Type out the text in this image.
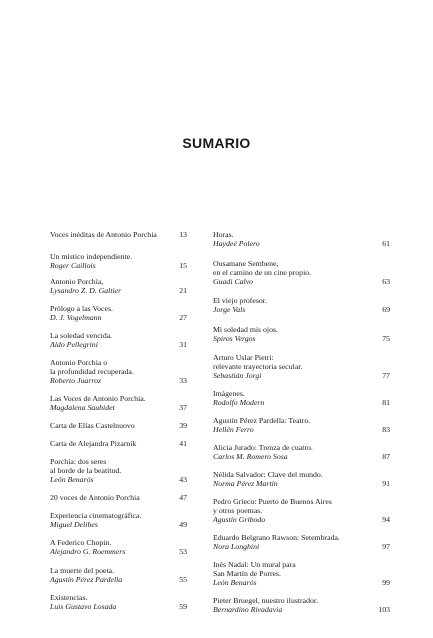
SUMARIO
Voces inéditas de Antonio Porchia	13
Un místico independiente.
Roger Caillois	15
Antonio Porchia,
Lysandro Z. D. Galtier	21
Prólogo a las Voces.
D. J. Vogelmann	27
La soledad vencida.
Aldo Pellegrini	31
Antonio Porchia o
la profundidad recuperada.
Roberto Juarroz	33
Las Voces de Antonio Porchia.
Magdalena Sauhidet	37
Carta de Elías Castelnuovo	39
Carta de Alejandra Pizarnik	41
Porchia: dos seres
al borde de la beatitud.
León Benarós	43
20 voces de Antonio Porchia	47
Experiencia cinematográfica.
Miguel Delibes	49
A Federico Chopin.
Alejandro G. Roemmers	53
La muerte del poeta.
Agustín Pérez Pardella	55
Existencias.
Luis Gustavo Losada	59
Horas.
Haydeé Polero	61
Ousamane Sembene,
en el camino de un cine propio.
Guadi Calvo	63
El viejo profesor.
Jorge Vals	69
Mi soledad mis ojos.
Spiros Vergos	75
Arturo Uslar Pietri:
relevante trayectoria secular.
Sebastián Jorgi	77
Imágenes.
Rodolfo Modern	81
Agustín Pérez Pardella: Teatro.
Hellén Ferro	83
Alicia Jurado: Trenza de cuatro.
Carlos M. Romero Sosa	87
Nélida Salvador: Clave del mundo.
Norma Pérez Martín	91
Pedro Grieco: Puerto de Buenos Aires
y otros poemas.
Agustín Gribodo	94
Eduardo Belgrano Rawson: Setembrada.
Nora Longhini	97
Inés Nadal: Un mural para
San Martín de Porres.
León Benarós	99
Pieter Bruegel, nuestro ilustrador.
Bernardino Rivadavia	103
